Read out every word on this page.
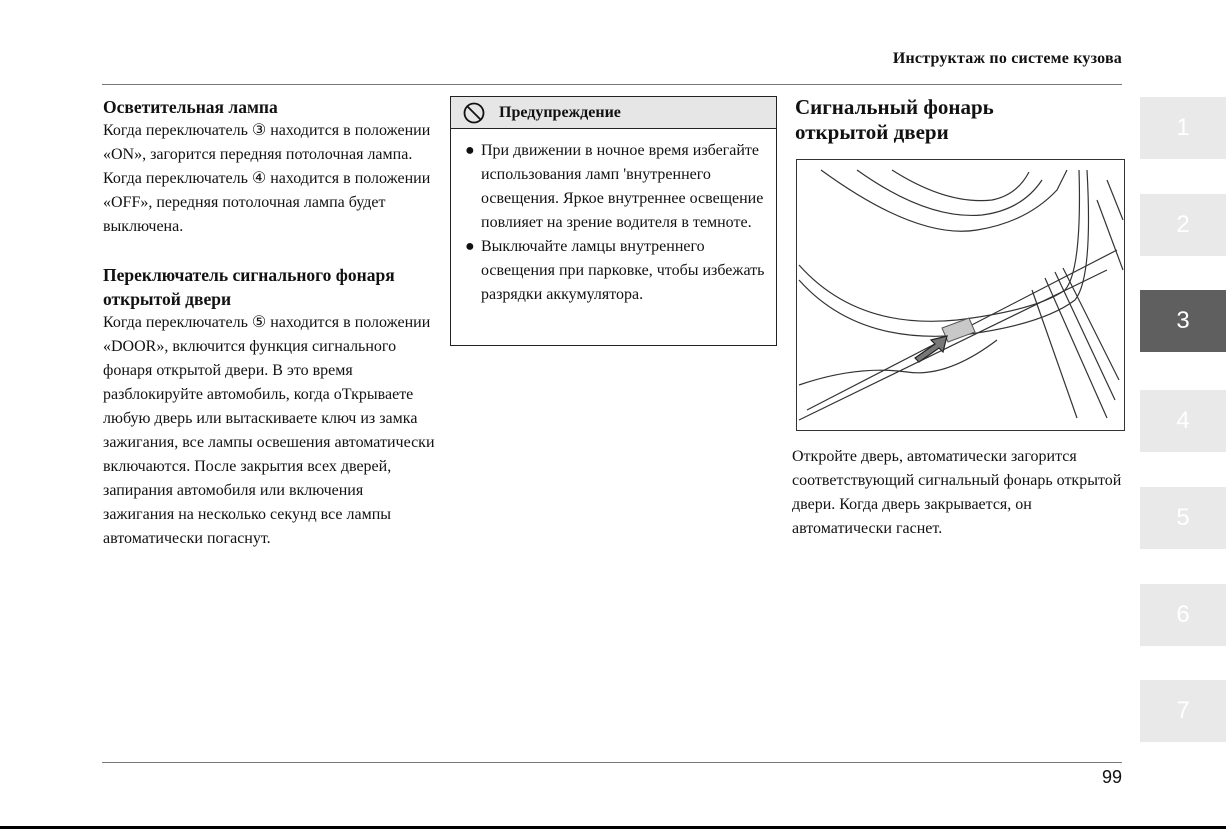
Инструктаж по системе кузова
Осветительная лампа

Когда переключатель ③ находится в положении «ON», загорится передняя потолочная лампа.

Когда переключатель ④ находится в положении «OFF», передняя потолочная лампа будет выключена.

Переключатель сигнального фонаря открытой двери

Когда переключатель ⑤ находится в положении «DOOR», включится функция сигнального фонаря открытой двери. В это время разблокируйте автомобиль, когда оТкрываете любую дверь или вытаскиваете ключ из замка зажигания, все лампы освешения автоматически включаются. После закрытия всех дверей, запирания автомобиля или включения зажигания на несколько секунд все лампы автоматически погаснут.

Предупреждение
● При движении в ночное время избегайте использования ламп 'внутреннего освещения. Яркое внутреннее освещение повлияет на зрение водителя в темноте.
● Выключайте ламцы внутреннего освещения при парковке, чтобы избежать разрядки аккумулятора.
Сигнальный фонарь
открытой двери

Откройте дверь, автоматически загорится соответствующий сигнальный фонарь открытой двери. Когда дверь закрывается, он автоматически гаснет.

1
2
3
4
5
6
7
99
